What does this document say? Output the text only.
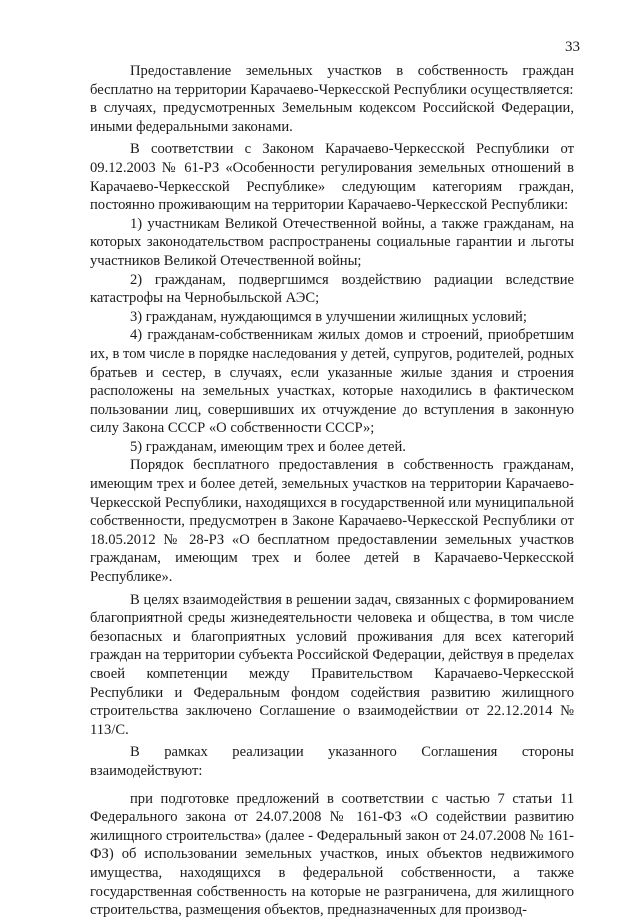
33

Предоставление земельных участков в собственность граждан бесплатно на территории Карачаево-Черкесской Республики осуществляется:

в случаях, предусмотренных Земельным кодексом Российской Федерации, иными федеральными законами.

В соответствии с Законом Карачаево-Черкесской Республики от 09.12.2003 № 61-РЗ «Особенности регулирования земельных отношений в Карачаево-Черкесской Республике» следующим категориям граждан, постоянно проживающим на территории Карачаево-Черкесской Республики:

1) участникам Великой Отечественной войны, а также гражданам, на которых законодательством распространены социальные гарантии и льготы участников Великой Отечественной войны;

2) гражданам, подвергшимся воздействию радиации вследствие катастрофы на Чернобыльской АЭС;

3) гражданам, нуждающимся в улучшении жилищных условий;

4) гражданам-собственникам жилых домов и строений, приобретшим их, в том числе в порядке наследования у детей, супругов, родителей, родных братьев и сестер, в случаях, если указанные жилые здания и строения расположены на земельных участках, которые находились в фактическом пользовании лиц, совершивших их отчуждение до вступления в законную силу Закона СССР «О собственности СССР»;

5) гражданам, имеющим трех и более детей.

Порядок бесплатного предоставления в собственность гражданам, имеющим трех и более детей, земельных участков на территории Карачаево-Черкесской Республики, находящихся в государственной или муниципальной собственности, предусмотрен в Законе Карачаево-Черкесской Республики от 18.05.2012 № 28-РЗ «О бесплатном предоставлении земельных участков гражданам, имеющим трех и более детей в Карачаево-Черкесской Республике».

В целях взаимодействия в решении задач, связанных с формированием благоприятной среды жизнедеятельности человека и общества, в том числе безопасных и благоприятных условий проживания для всех категорий граждан на территории субъекта Российской Федерации, действуя в пределах своей компетенции между Правительством Карачаево-Черкесской Республики и Федеральным фондом содействия развитию жилищного строительства заключено Соглашение о взаимодействии от 22.12.2014 № 113/С.

В рамках реализации указанного Соглашения стороны взаимодействуют:

при подготовке предложений в соответствии с частью 7 статьи 11 Федерального закона от 24.07.2008 № 161-ФЗ «О содействии развитию жилищного строительства» (далее - Федеральный закон от 24.07.2008 № 161-ФЗ) об использовании земельных участков, иных объектов недвижимого имущества, находящихся в федеральной собственности, а также государственная собственность на которые не разграничена, для жилищного строительства, размещения объектов, предназначенных для производ-
